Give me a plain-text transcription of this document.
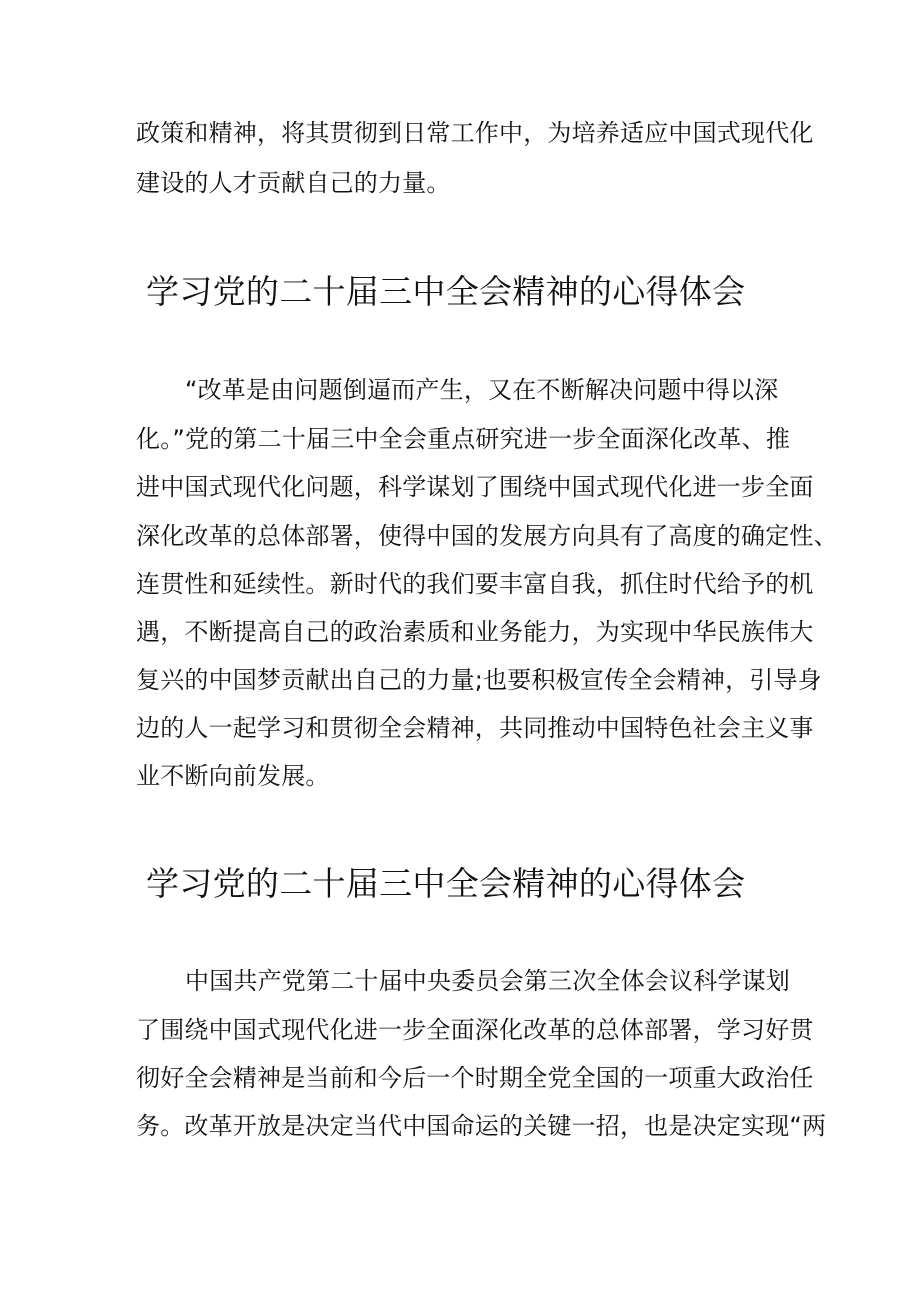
政策和精神，将其贯彻到日常工作中，为培养适应中国式现代化
建设的人才贡献自己的力量。
学习党的二十届三中全会精神的心得体会
“改革是由问题倒逼而产生，又在不断解决问题中得以深
化。”党的第二十届三中全会重点研究进一步全面深化改革、推
进中国式现代化问题，科学谋划了围绕中国式现代化进一步全面
深化改革的总体部署，使得中国的发展方向具有了高度的确定性、
连贯性和延续性。新时代的我们要丰富自我，抓住时代给予的机
遇，不断提高自己的政治素质和业务能力，为实现中华民族伟大
复兴的中国梦贡献出自己的力量;也要积极宣传全会精神，引导身
边的人一起学习和贯彻全会精神，共同推动中国特色社会主义事
业不断向前发展。
学习党的二十届三中全会精神的心得体会
中国共产党第二十届中央委员会第三次全体会议科学谋划
了围绕中国式现代化进一步全面深化改革的总体部署，学习好贯
彻好全会精神是当前和今后一个时期全党全国的一项重大政治任
务。改革开放是决定当代中国命运的关键一招，也是决定实现“两
